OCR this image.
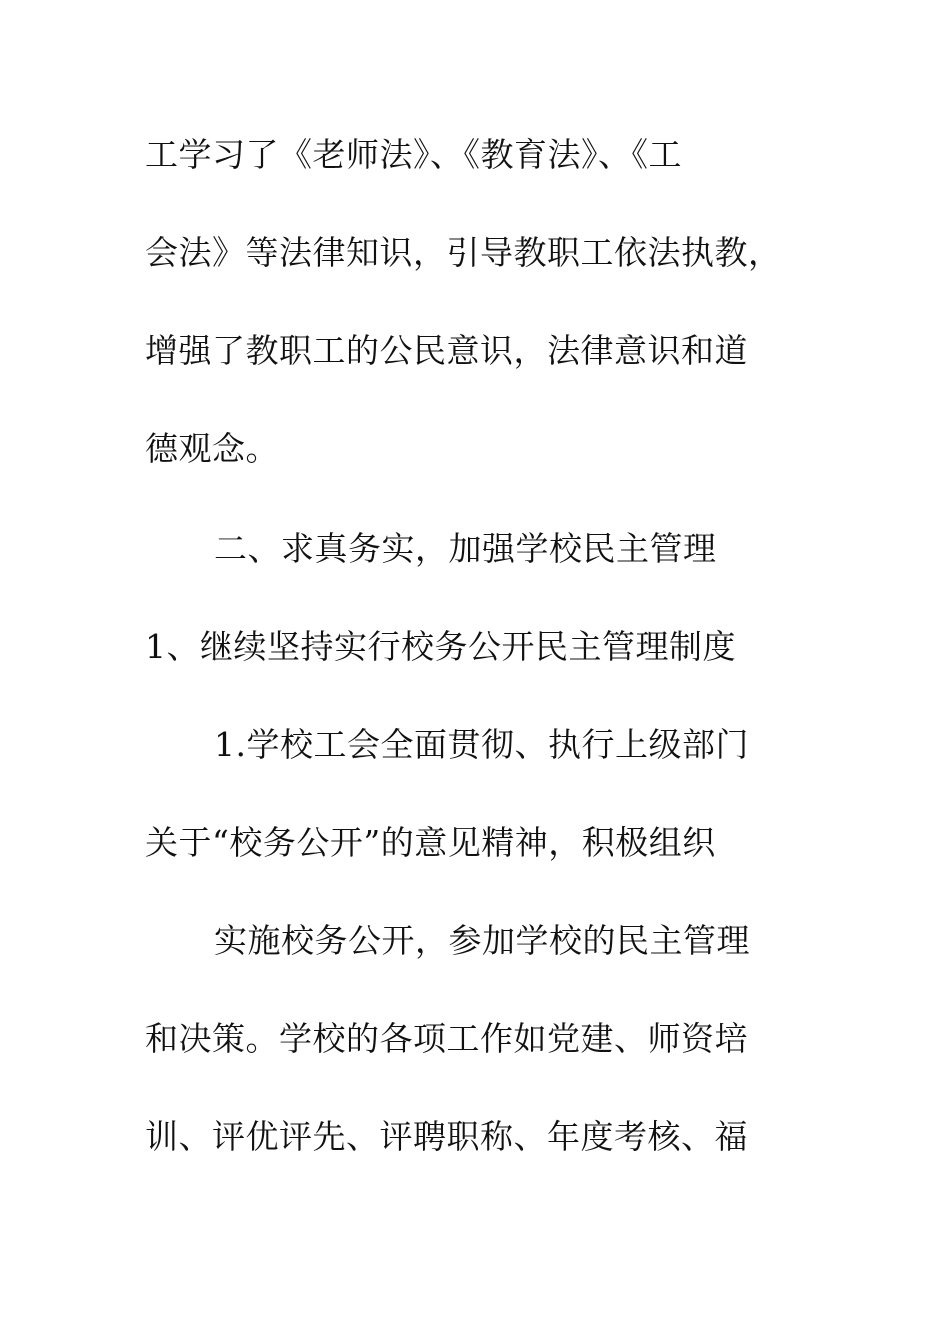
工学习了《老师法》、《教育法》、《工
会法》等法律知识，引导教职工依法执教，
增强了教职工的公民意识，法律意识和道
德观念。
二、求真务实，加强学校民主管理
1、继续坚持实行校务公开民主管理制度
1.学校工会全面贯彻、执行上级部门
关于“校务公开”的意见精神，积极组织
实施校务公开，参加学校的民主管理
和决策。学校的各项工作如党建、师资培
训、评优评先、评聘职称、年度考核、福
